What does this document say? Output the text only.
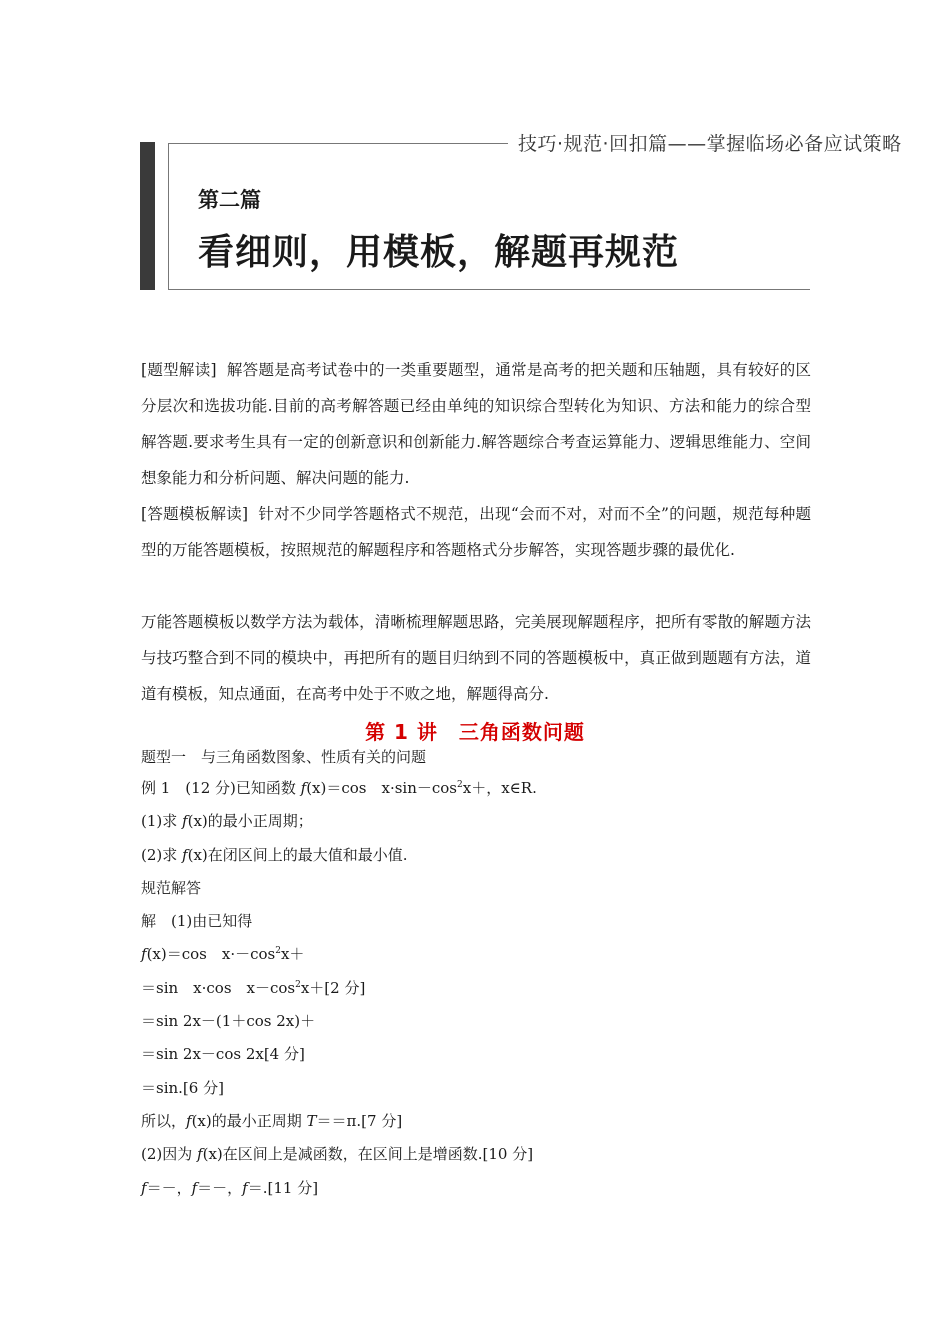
技巧·规范·回扣篇——掌握临场必备应试策略
第二篇
看细则，用模板，解题再规范
[题型解读] 解答题是高考试卷中的一类重要题型，通常是高考的把关题和压轴题，具有较好的区分层次和选拔功能.目前的高考解答题已经由单纯的知识综合型转化为知识、方法和能力的综合型解答题.要求考生具有一定的创新意识和创新能力.解答题综合考查运算能力、逻辑思维能力、空间想象能力和分析问题、解决问题的能力.
[答题模板解读] 针对不少同学答题格式不规范，出现“会而不对，对而不全”的问题，规范每种题型的万能答题模板，按照规范的解题程序和答题格式分步解答，实现答题步骤的最优化.
万能答题模板以数学方法为载体，清晰梳理解题思路，完美展现解题程序，把所有零散的解题方法与技巧整合到不同的模块中，再把所有的题目归纳到不同的答题模板中，真正做到题题有方法，道道有模板，知点通面，在高考中处于不败之地，解题得高分.
第 1 讲　三角函数问题
题型一　与三角函数图象、性质有关的问题
例 1　(12 分)已知函数 f(x)＝cos　$x\cdot\sin-\cos^2x+$，x∈R.
(1)求 f(x)的最小正周期；
(2)求 f(x)在闭区间上的最大值和最小值.
规范解答
解　(1)由已知得
f(x)＝cos　$x\cdot-\cos^2x+$
＝sin　x·cos　$x-\cos^2x+[2$ 分]
＝sin 2x－(1＋cos 2x)＋
＝sin 2x－cos 2x[4 分]
＝sin.[6 分]
所以，f(x)的最小正周期 T＝＝π.[7 分]
(2)因为 f(x)在区间上是减函数，在区间上是增函数.[10 分]
f＝－，f＝－，f＝.[11 分]
